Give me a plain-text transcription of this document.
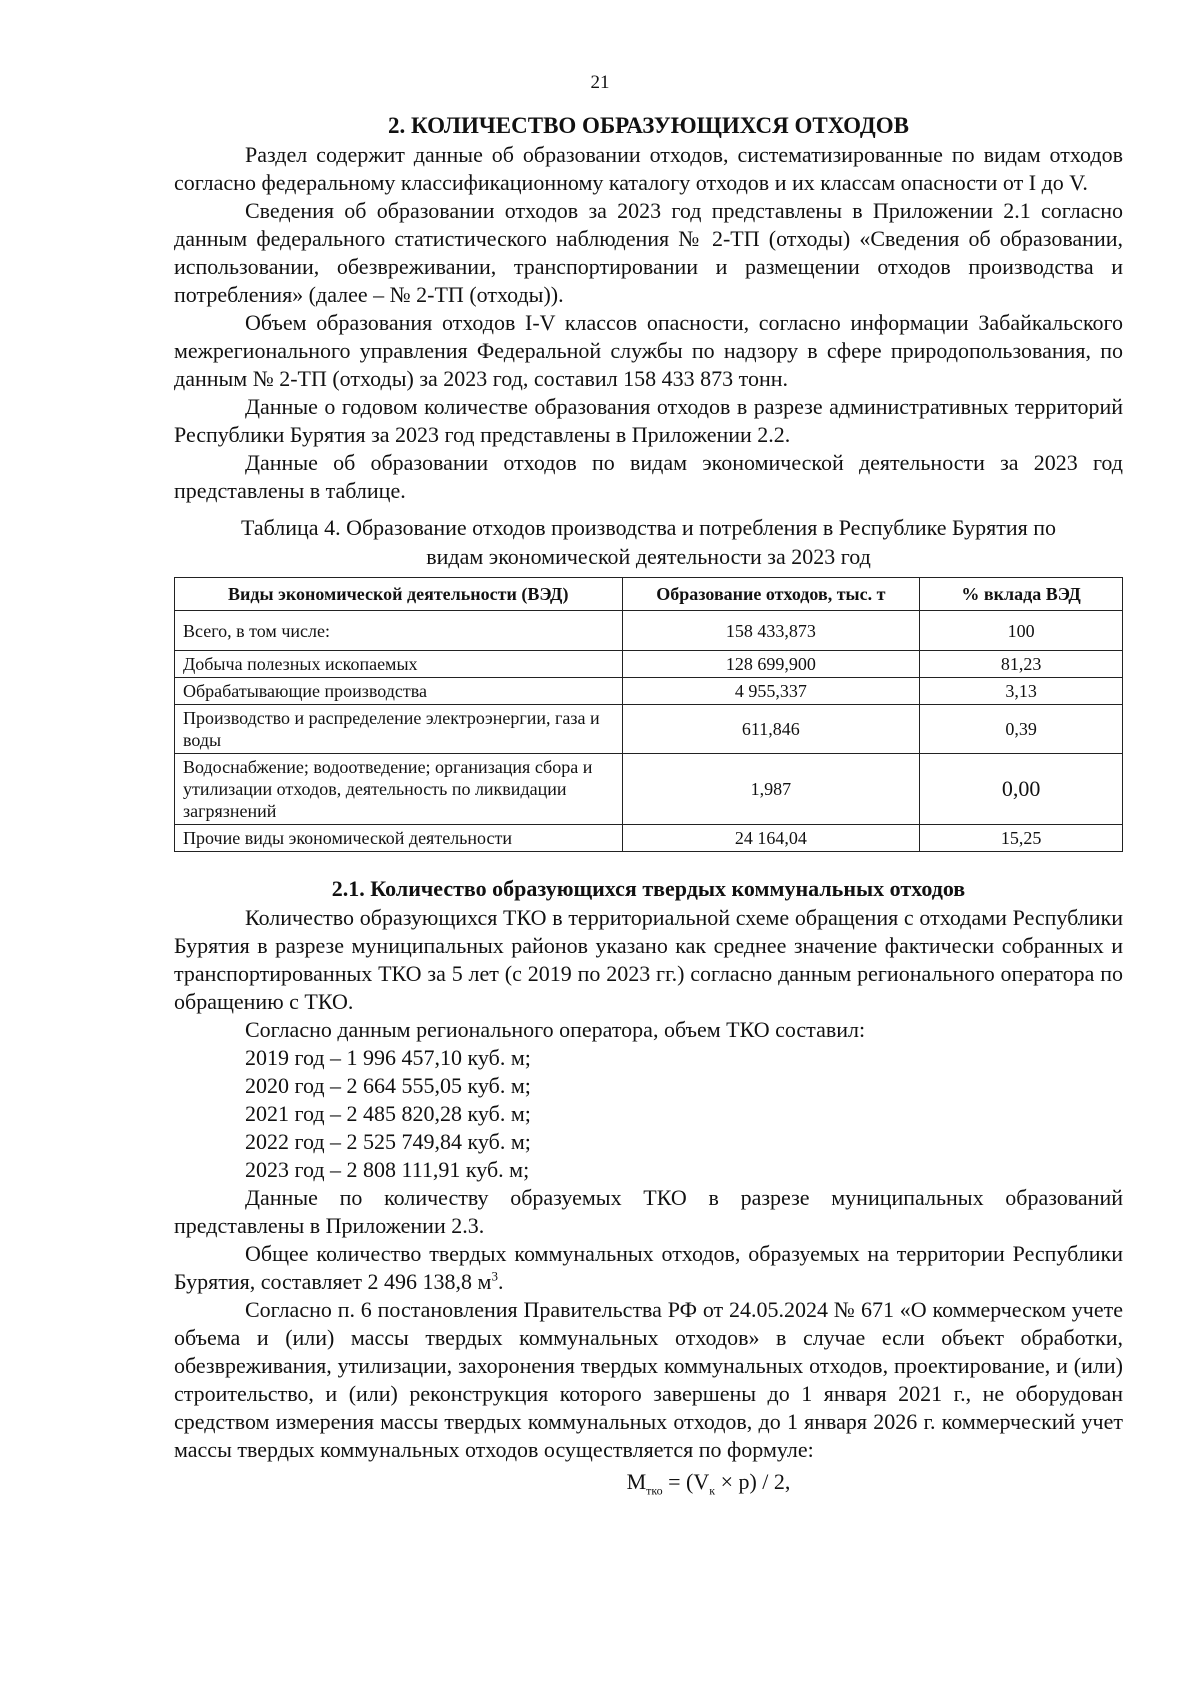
21
2. КОЛИЧЕСТВО ОБРАЗУЮЩИХСЯ ОТХОДОВ

Раздел содержит данные об образовании отходов, систематизированные по видам отходов согласно федеральному классификационному каталогу отходов и их классам опасности от I до V.

Сведения об образовании отходов за 2023 год представлены в Приложении 2.1 согласно данным федерального статистического наблюдения № 2-ТП (отходы) «Сведения об образовании, использовании, обезвреживании, транспортировании и размещении отходов производства и потребления» (далее – № 2-ТП (отходы)).

Объем образования отходов I-V классов опасности, согласно информации Забайкальского межрегионального управления Федеральной службы по надзору в сфере природопользования, по данным № 2-ТП (отходы) за 2023 год, составил 158 433 873 тонн.

Данные о годовом количестве образования отходов в разрезе административных территорий Республики Бурятия за 2023 год представлены в Приложении 2.2.

Данные об образовании отходов по видам экономической деятельности за 2023 год представлены в таблице.

Таблица 4. Образование отходов производства и потребления в Республике Бурятия по
видам экономической деятельности за 2023 год
Виды экономической деятельности (ВЭД)	Образование отходов, тыс. т	% вклада ВЭД
Всего, в том числе:	158 433,873	100
Добыча полезных ископаемых	128 699,900	81,23
Обрабатывающие производства	4 955,337	3,13
Производство и распределение электроэнергии, газа и воды	611,846	0,39
Водоснабжение; водоотведение; организация сбора и утилизации отходов, деятельность по ликвидации загрязнений	1,987	0,00
Прочие виды экономической деятельности	24 164,04	15,25
2.1. Количество образующихся твердых коммунальных отходов

Количество образующихся ТКО в территориальной схеме обращения с отходами Республики Бурятия в разрезе муниципальных районов указано как среднее значение фактически собранных и транспортированных ТКО за 5 лет (с 2019 по 2023 гг.) согласно данным регионального оператора по обращению с ТКО.

Согласно данным регионального оператора, объем ТКО составил:

2019 год – 1 996 457,10 куб. м;
2020 год – 2 664 555,05 куб. м;
2021 год – 2 485 820,28 куб. м;
2022 год – 2 525 749,84 куб. м;
2023 год – 2 808 111,91 куб. м;

Данные по количеству образуемых ТКО в разрезе муниципальных образований представлены в Приложении 2.3.

Общее количество твердых коммунальных отходов, образуемых на территории Республики Бурятия, составляет 2 496 138,8 $м^3$.

Согласно п. 6 постановления Правительства РФ от 24.05.2024 № 671 «О коммерческом учете объема и (или) массы твердых коммунальных отходов» в случае если объект обработки, обезвреживания, утилизации, захоронения твердых коммунальных отходов, проектирование, и (или) строительство, и (или) реконструкция которого завершены до 1 января 2021 г., не оборудован средством измерения массы твердых коммунальных отходов, до 1 января 2026 г. коммерческий учет массы твердых коммунальных отходов осуществляется по формуле:

$М_{тко} = (V_к \times p) / 2$,
